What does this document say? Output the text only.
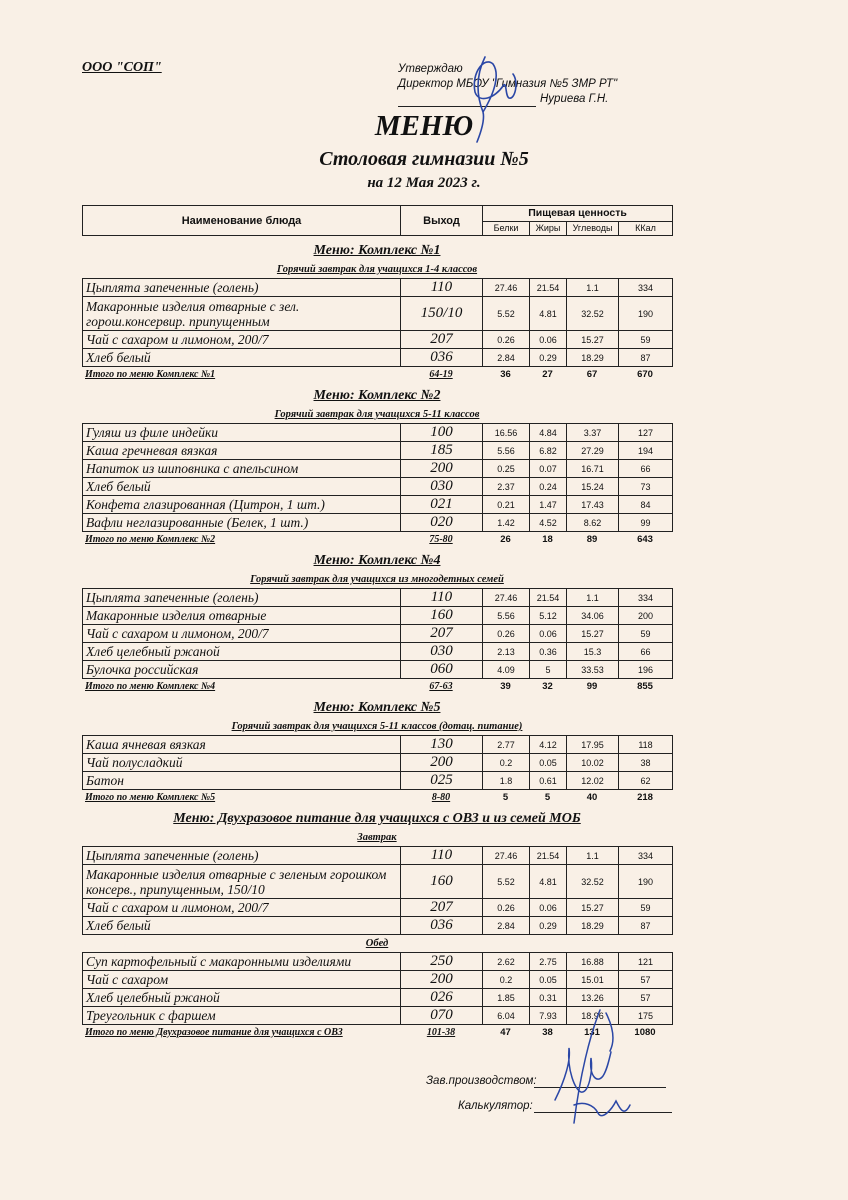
ООО "СОП"	Утверждаю
Директор МБОУ "Гимназия №5 ЗМР РТ"
Нуриева Г.Н.
МЕНЮ
Столовая гимназии №5
на 12 Мая 2023 г.
Наименование блюда	Выход	Пищевая ценность			
		Белки	Жиры	Углеводы	ККал
Меню: Комплекс №1
Горячий завтрак для учащихся 1-4 классов
Цыплята запеченные (голень)	110	27.46	21.54	1.1	334
Макаронные изделия отварные с зел. горош.консервир. припущенным	150/10	5.52	4.81	32.52	190
Чай с сахаром и лимоном, 200/7	207	0.26	0.06	15.27	59
Хлеб белый	036	2.84	0.29	18.29	87
Итого по меню Комплекс №1	64-19	36	27	67	670
Меню: Комплекс №2
Горячий завтрак для учащихся 5-11 классов
Гуляш из филе индейки	100	16.56	4.84	3.37	127
Каша гречневая вязкая	185	5.56	6.82	27.29	194
Напиток из шиповника с апельсином	200	0.25	0.07	16.71	66
Хлеб белый	030	2.37	0.24	15.24	73
Конфета глазированная (Цитрон, 1 шт.)	021	0.21	1.47	17.43	84
Вафли неглазированные (Белек, 1 шт.)	020	1.42	4.52	8.62	99
Итого по меню Комплекс №2	75-80	26	18	89	643
Меню: Комплекс №4
Горячий завтрак для учащихся из многодетных семей
Цыплята запеченные (голень)	110	27.46	21.54	1.1	334
Макаронные изделия отварные	160	5.56	5.12	34.06	200
Чай с сахаром и лимоном, 200/7	207	0.26	0.06	15.27	59
Хлеб целебный ржаной	030	2.13	0.36	15.3	66
Булочка российская	060	4.09	5	33.53	196
Итого по меню Комплекс №4	67-63	39	32	99	855
Меню: Комплекс №5
Горячий завтрак для учащихся 5-11 классов (дотац. питание)
Каша ячневая вязкая	130	2.77	4.12	17.95	118
Чай полусладкий	200	0.2	0.05	10.02	38
Батон	025	1.8	0.61	12.02	62
Итого по меню Комплекс №5	8-80	5	5	40	218
Меню: Двухразовое питание для учащихся с ОВЗ и из семей МОБ
Завтрак
Цыплята запеченные (голень)	110	27.46	21.54	1.1	334
Макаронные изделия отварные с зеленым горошком консерв., припущенным, 150/10	160	5.52	4.81	32.52	190
Чай с сахаром и лимоном, 200/7	207	0.26	0.06	15.27	59
Хлеб белый	036	2.84	0.29	18.29	87
Обед
Суп картофельный с макаронными изделиями	250	2.62	2.75	16.88	121
Чай с сахаром	200	0.2	0.05	15.01	57
Хлеб целебный ржаной	026	1.85	0.31	13.26	57
Треугольник с фаршем	070	6.04	7.93	18.96	175
Итого по меню Двухразовое питание для учащихся с ОВЗ	101-38	47	38	131	1080
Зав.производством:
Калькулятор:
